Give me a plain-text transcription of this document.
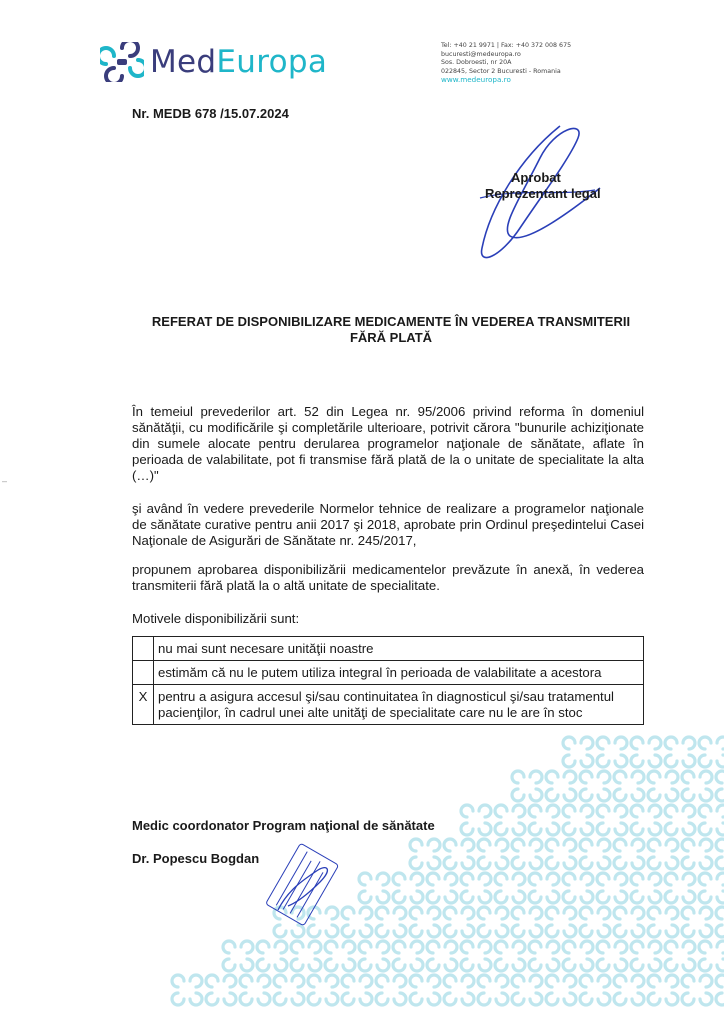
MedEuropa	Tel: +40 21 9971 | Fax: +40 372 008 675
bucuresti@medeuropa.ro
Sos. Dobroesti, nr 20A
022845, Sector 2 Bucuresti - Romania
www.medeuropa.ro
Nr. MEDB 678 /15.07.2024
Aprobat
Reprezentant legal
REFERAT DE DISPONIBILIZARE MEDICAMENTE ÎN VEDEREA TRANSMITERII
FĂRĂ PLATĂ
În temeiul prevederilor art. 52 din Legea nr. 95/2006 privind reforma în domeniul sănătăţii, cu modificările şi completările ulterioare, potrivit cărora "bunurile achiziţionate din sumele alocate pentru derularea programelor naţionale de sănătate, aflate în perioada de valabilitate, pot fi transmise fără plată de la o unitate de specialitate la alta (…)"
şi având în vedere prevederile Normelor tehnice de realizare a programelor naţionale de sănătate curative pentru anii 2017 şi 2018, aprobate prin Ordinul preşedintelui Casei Naţionale de Asigurări de Sănătate nr. 245/2017,
propunem aprobarea disponibilizării medicamentelor prevăzute în anexă, în vederea transmiterii fără plată la o altă unitate de specialitate.
Motivele disponibilizării sunt:
	nu mai sunt necesare unităţii noastre
	estimăm că nu le putem utiliza integral în perioada de valabilitate a acestora
X	pentru a asigura accesul şi/sau continuitatea în diagnosticul şi/sau tratamentul pacienţilor, în cadrul unei alte unităţi de specialitate care nu le are în stoc
Medic coordonator Program naţional de sănătate
Dr. Popescu Bogdan
–
